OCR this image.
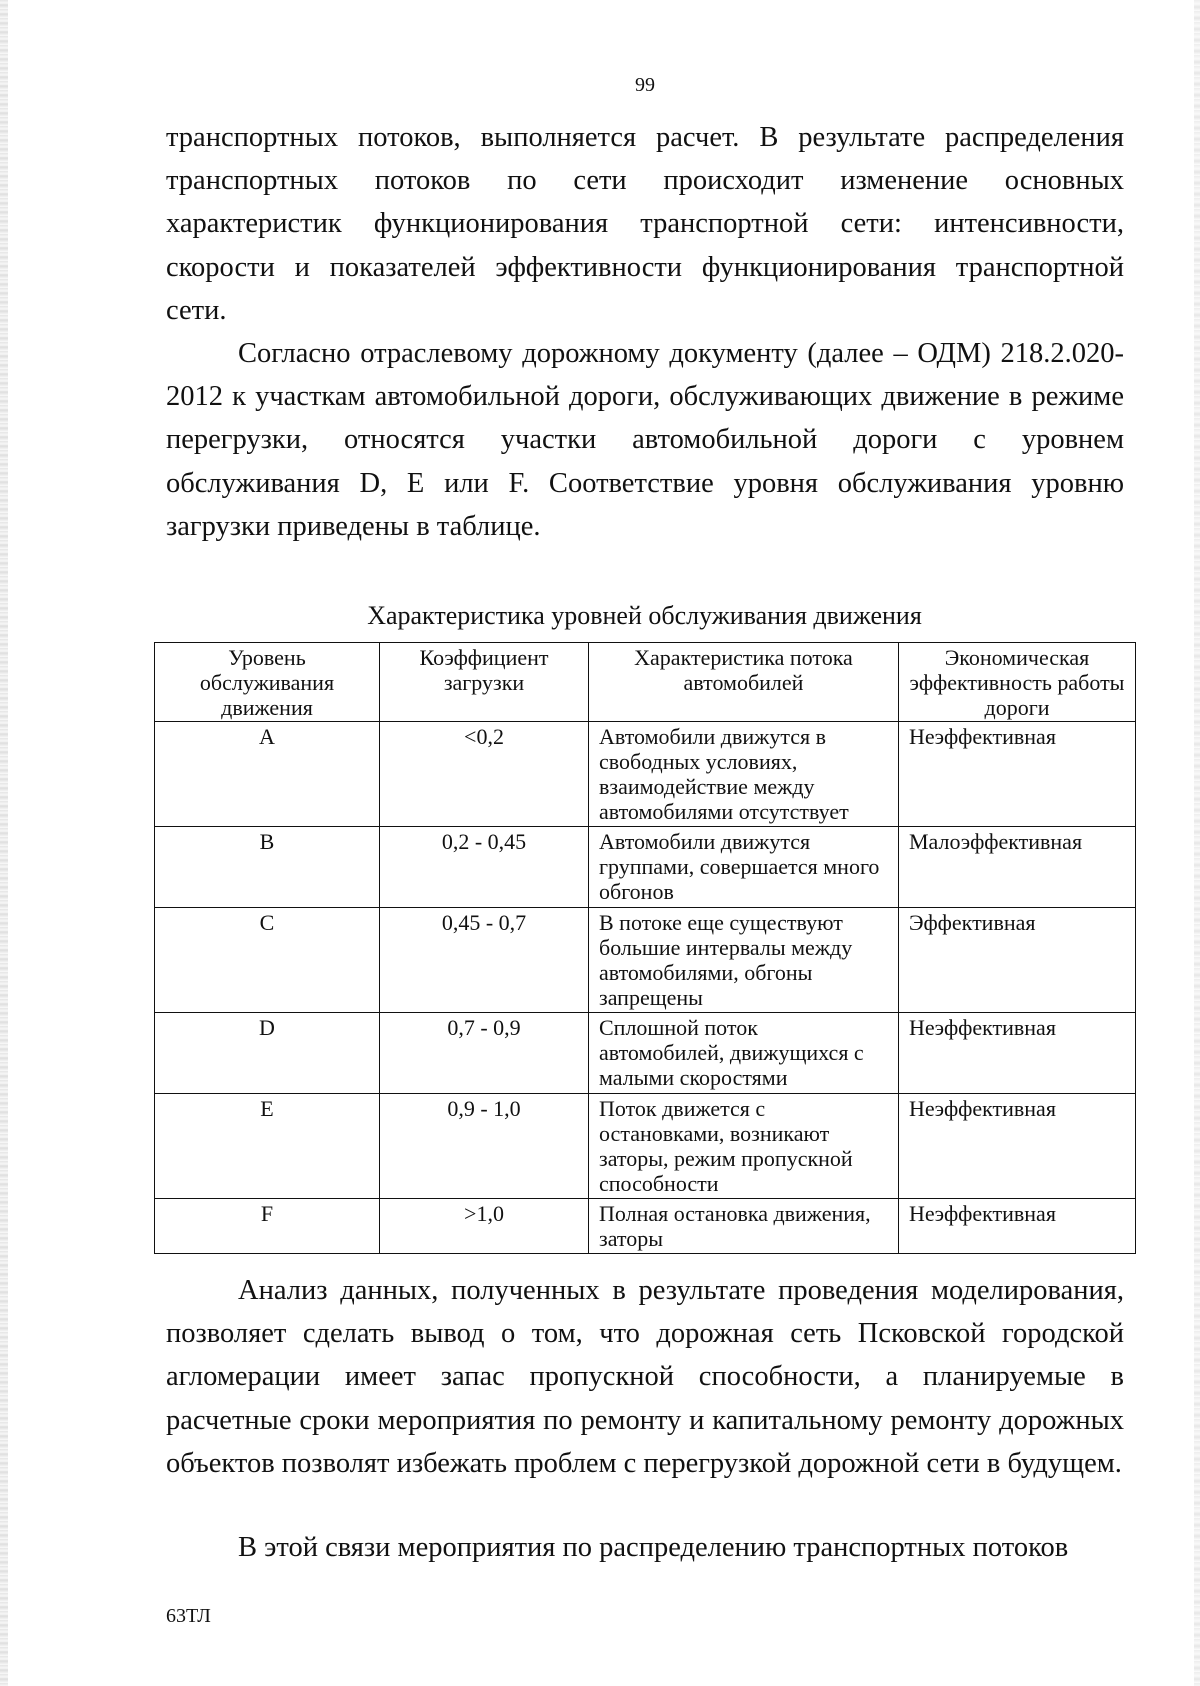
99

транспортных потоков, выполняется расчет. В результате распределения транспортных потоков по сети происходит изменение основных характеристик функционирования транспортной сети: интенсивности, скорости и показателей эффективности функционирования транспортной сети.

Согласно отраслевому дорожному документу (далее – ОДМ) 218.2.020-2012 к участкам автомобильной дороги, обслуживающих движение в режиме перегрузки, относятся участки автомобильной дороги с уровнем обслуживания D, E или F. Соответствие уровня обслуживания уровню загрузки приведены в таблице.

Характеристика уровней обслуживания движения
Уровень обслуживания движения	Коэффициент загрузки	Характеристика потока автомобилей	Экономическая эффективность работы дороги
A	<0,2	Автомобили движутся в свободных условиях, взаимодействие между автомобилями отсутствует	Неэффективная
B	0,2 - 0,45	Автомобили движутся группами, совершается много обгонов	Малоэффективная
C	0,45 - 0,7	В потоке еще существуют большие интервалы между автомобилями, обгоны запрещены	Эффективная
D	0,7 - 0,9	Сплошной поток автомобилей, движущихся с малыми скоростями	Неэффективная
E	0,9 - 1,0	Поток движется с остановками, возникают заторы, режим пропускной способности	Неэффективная
F	>1,0	Полная остановка движения, заторы	Неэффективная

Анализ данных, полученных в результате проведения моделирования, позволяет сделать вывод о том, что дорожная сеть Псковской городской агломерации имеет запас пропускной способности, а планируемые в расчетные сроки мероприятия по ремонту и капитальному ремонту дорожных объектов позволят избежать проблем с перегрузкой дорожной сети в будущем.

В этой связи мероприятия по распределению транспортных потоков

63ТЛ
